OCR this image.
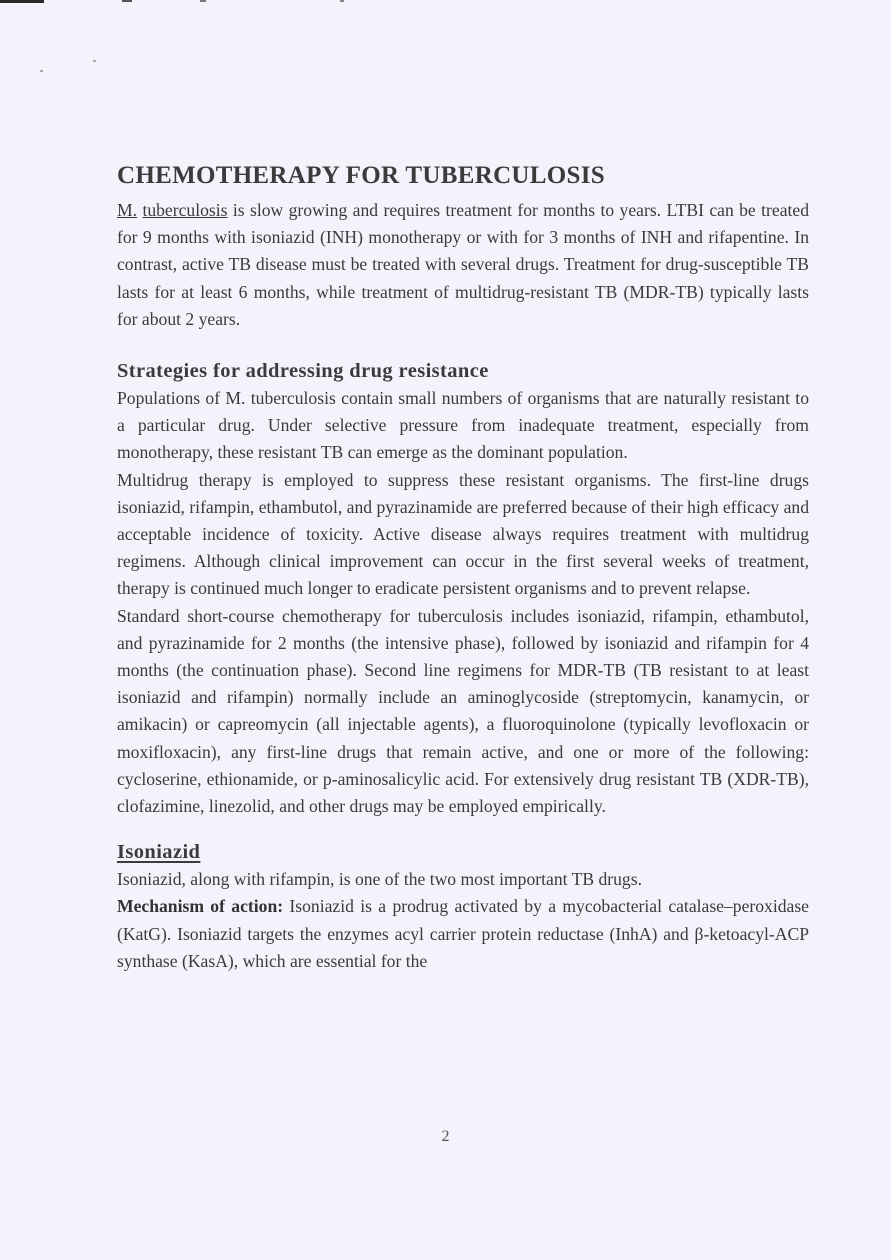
CHEMOTHERAPY FOR TUBERCULOSIS

M. tuberculosis is slow growing and requires treatment for months to years. LTBI can be treated for 9 months with isoniazid (INH) monotherapy or with for 3 months of INH and rifapentine. In contrast, active TB disease must be treated with several drugs. Treatment for drug-susceptible TB lasts for at least 6 months, while treatment of multidrug-resistant TB (MDR-TB) typically lasts for about 2 years.

Strategies for addressing drug resistance

Populations of M. tuberculosis contain small numbers of organisms that are naturally resistant to a particular drug. Under selective pressure from inadequate treatment, especially from monotherapy, these resistant TB can emerge as the dominant population.

Multidrug therapy is employed to suppress these resistant organisms. The first-line drugs isoniazid, rifampin, ethambutol, and pyrazinamide are preferred because of their high efficacy and acceptable incidence of toxicity. Active disease always requires treatment with multidrug regimens. Although clinical improvement can occur in the first several weeks of treatment, therapy is continued much longer to eradicate persistent organisms and to prevent relapse.

Standard short-course chemotherapy for tuberculosis includes isoniazid, rifampin, ethambutol, and pyrazinamide for 2 months (the intensive phase), followed by isoniazid and rifampin for 4 months (the continuation phase). Second line regimens for MDR-TB (TB resistant to at least isoniazid and rifampin) normally include an aminoglycoside (streptomycin, kanamycin, or amikacin) or capreomycin (all injectable agents), a fluoroquinolone (typically levofloxacin or moxifloxacin), any first-line drugs that remain active, and one or more of the following: cycloserine, ethionamide, or p-aminosalicylic acid. For extensively drug resistant TB (XDR-TB), clofazimine, linezolid, and other drugs may be employed empirically.

Isoniazid

Isoniazid, along with rifampin, is one of the two most important TB drugs.

Mechanism of action: Isoniazid is a prodrug activated by a mycobacterial catalase–peroxidase (KatG). Isoniazid targets the enzymes acyl carrier protein reductase (InhA) and β-ketoacyl-ACP synthase (KasA), which are essential for the

2
